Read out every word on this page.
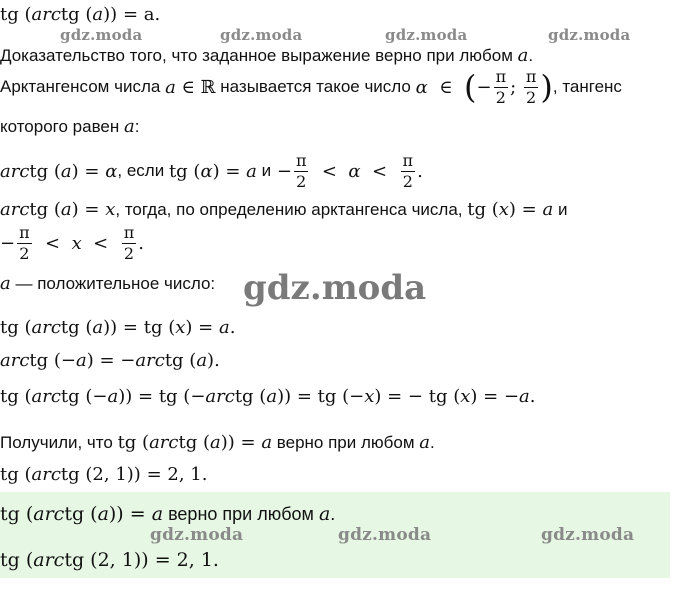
gdz.moda	gdz.moda	gdz.moda	gdz.moda
gdz.moda
tg (arctg (a)) = a.
Доказательство того, что заданное выражение верно при любом a.
Арктангенсом числа
a ∈ ℝ
называется такое число
α  ∈ ( − $\frac{\pi}{2}$ ; $\frac{\pi}{2}$ ) , тангенс
которого равен a:
arctg (a) = α , если
tg (α) = a
$и - \frac{\pi}{2} < \alpha < \frac{\pi}{2}$ .
arctg (a) = x, тогда, по определению арктангенса числа, tg (x) = a и
− $\frac{\pi}{2} < x < \frac{\pi}{2}$ .
a — положительное число:
tg (arctg (a)) = tg (x) = a.
arctg (−a) = −arctg (a).
tg (arctg (−a)) = tg (−arctg (a)) = tg (−x) = − tg (x) = −a.
Получили, что tg (arctg (a)) = a верно при любом a.
tg (arctg (2, 1)) = 2, 1.
tg (arctg (a)) = a верно при любом a.
gdz.moda	gdz.moda	gdz.moda
tg (arctg (2, 1)) = 2, 1.
